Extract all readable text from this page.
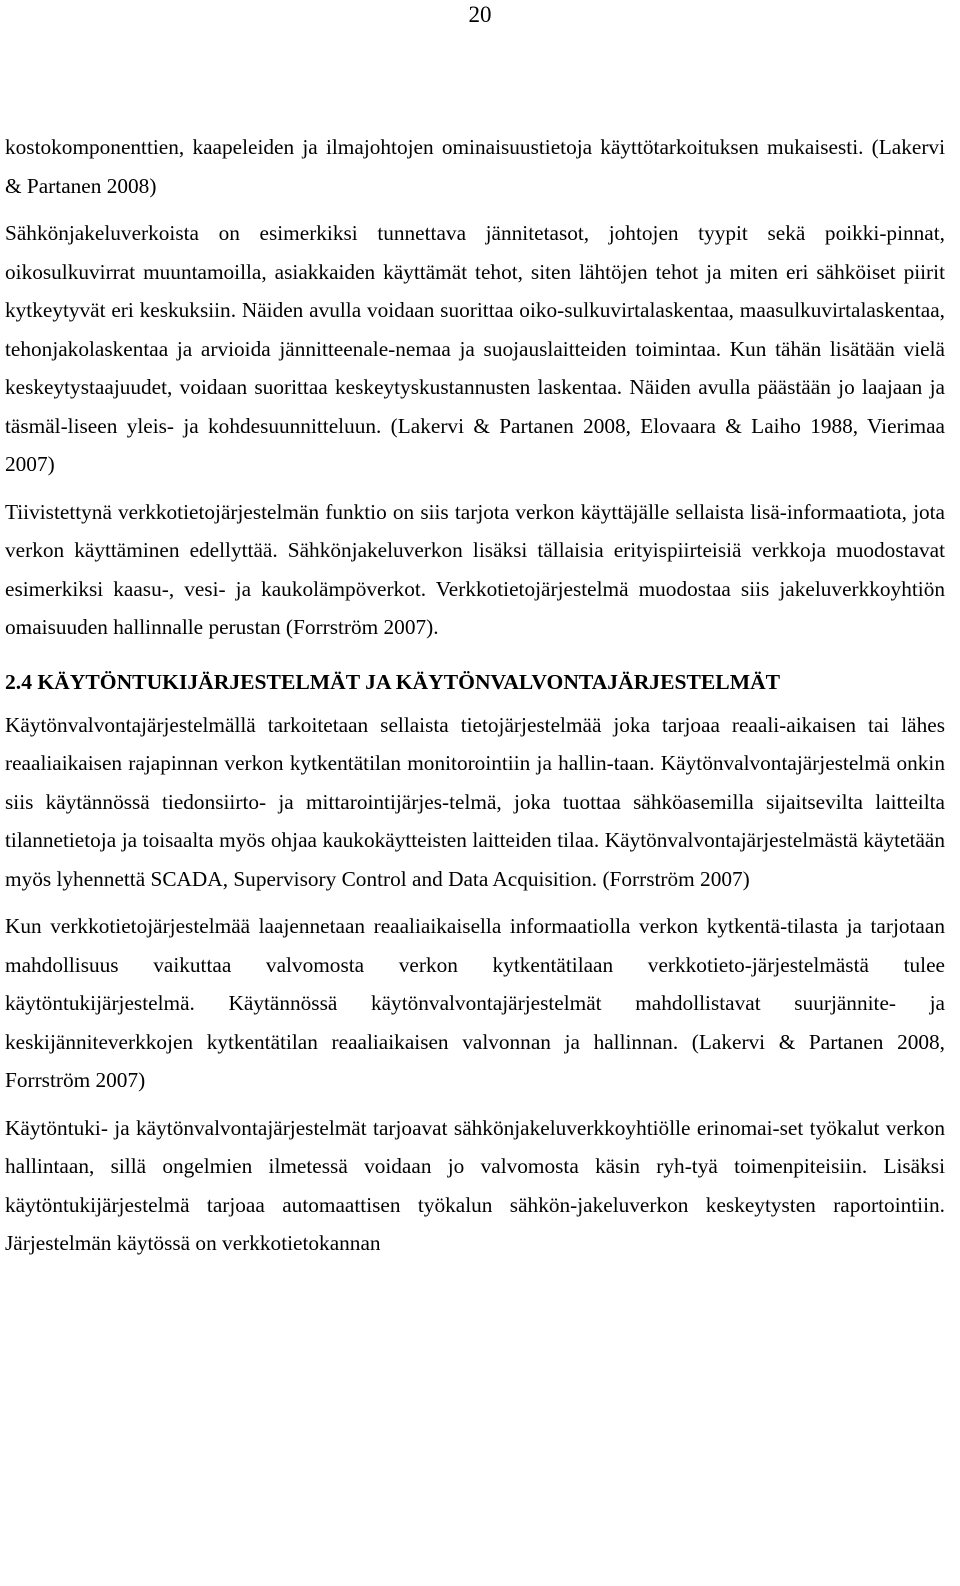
20

kostokomponenttien, kaapeleiden ja ilmajohtojen ominaisuustietoja käyttötarkoituksen mukaisesti. (Lakervi & Partanen 2008)

Sähkönjakeluverkoista on esimerkiksi tunnettava jännitetasot, johtojen tyypit sekä poikki-pinnat, oikosulkuvirrat muuntamoilla, asiakkaiden käyttämät tehot, siten lähtöjen tehot ja miten eri sähköiset piirit kytkeytyvät eri keskuksiin. Näiden avulla voidaan suorittaa oiko-sulkuvirtalaskentaa, maasulkuvirtalaskentaa, tehonjakolaskentaa ja arvioida jännitteenale-nemaa ja suojauslaitteiden toimintaa. Kun tähän lisätään vielä keskeytystaajuudet, voidaan suorittaa keskeytyskustannusten laskentaa. Näiden avulla päästään jo laajaan ja täsmäl-liseen yleis- ja kohdesuunnitteluun. (Lakervi & Partanen 2008, Elovaara & Laiho 1988, Vierimaa 2007)

Tiivistettynä verkkotietojärjestelmän funktio on siis tarjota verkon käyttäjälle sellaista lisä-informaatiota, jota verkon käyttäminen edellyttää. Sähkönjakeluverkon lisäksi tällaisia erityispiirteisiä verkkoja muodostavat esimerkiksi kaasu-, vesi- ja kaukolämpöverkot. Verkkotietojärjestelmä muodostaa siis jakeluverkkoyhtiön omaisuuden hallinnalle perustan (Forrström 2007).

2.4 KÄYTÖNTUKIJÄRJESTELMÄT JA KÄYTÖNVALVONTAJÄRJESTELMÄT

Käytönvalvontajärjestelmällä tarkoitetaan sellaista tietojärjestelmää joka tarjoaa reaali-aikaisen tai lähes reaaliaikaisen rajapinnan verkon kytkentätilan monitorointiin ja hallin-taan. Käytönvalvontajärjestelmä onkin siis käytännössä tiedonsiirto- ja mittarointijärjes-telmä, joka tuottaa sähköasemilla sijaitsevilta laitteilta tilannetietoja ja toisaalta myös ohjaa kaukokäytteisten laitteiden tilaa. Käytönvalvontajärjestelmästä käytetään myös lyhennettä SCADA, Supervisory Control and Data Acquisition. (Forrström 2007)

Kun verkkotietojärjestelmää laajennetaan reaaliaikaisella informaatiolla verkon kytkentä-tilasta ja tarjotaan mahdollisuus vaikuttaa valvomosta verkon kytkentätilaan verkkotieto-järjestelmästä tulee käytöntukijärjestelmä. Käytännössä käytönvalvontajärjestelmät mahdollistavat suurjännite- ja keskijänniteverkkojen kytkentätilan reaaliaikaisen valvonnan ja hallinnan. (Lakervi & Partanen 2008, Forrström 2007)

Käytöntuki- ja käytönvalvontajärjestelmät tarjoavat sähkönjakeluverkkoyhtiölle erinomai-set työkalut verkon hallintaan, sillä ongelmien ilmetessä voidaan jo valvomosta käsin ryh-tyä toimenpiteisiin. Lisäksi käytöntukijärjestelmä tarjoaa automaattisen työkalun sähkön-jakeluverkon keskeytysten raportointiin. Järjestelmän käytössä on verkkotietokannan
